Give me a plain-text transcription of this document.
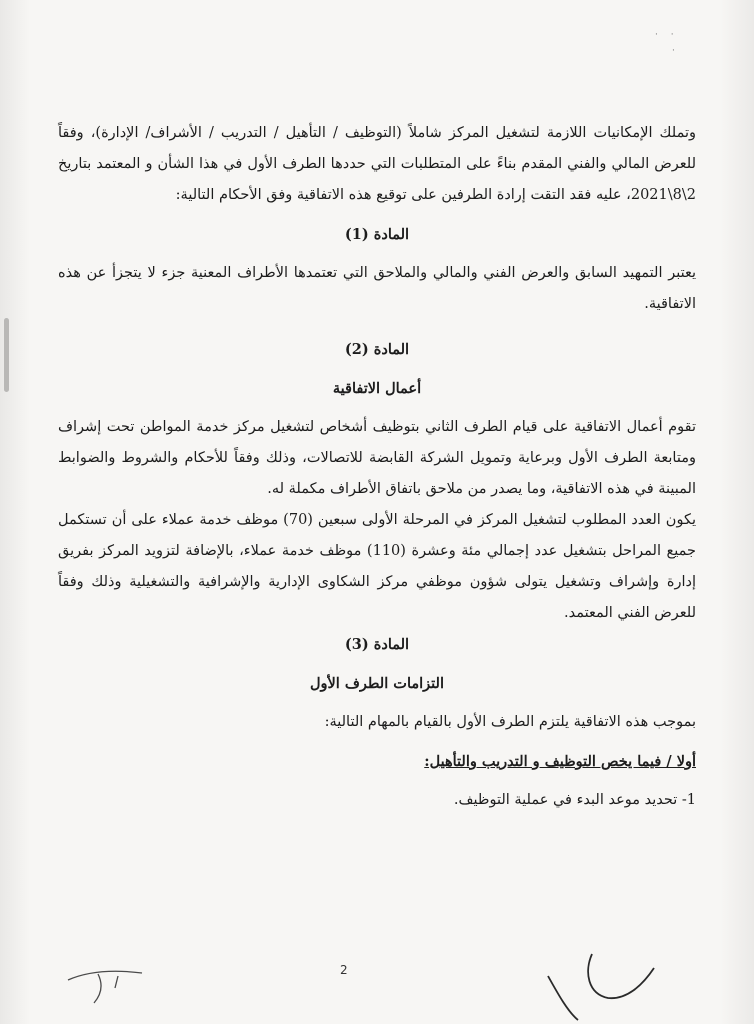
· ·
·

وتملك الإمكانيات اللازمة لتشغيل المركز شاملاً (التوظيف / التأهيل / التدريب / الأشراف/ الإدارة)، وفقاً للعرض المالي والفني المقدم بناءً على المتطلبات التي حددها الطرف الأول في هذا الشأن و المعتمد بتاريخ 2\8\2021، عليه فقد التقت إرادة الطرفين على توقيع هذه الاتفاقية وفق الأحكام التالية:

المادة (1)

يعتبر التمهيد السابق والعرض الفني والمالي والملاحق التي تعتمدها الأطراف المعنية جزء لا يتجزأ عن هذه الاتفاقية.

المادة (2)

أعمال الاتفاقية

تقوم أعمال الاتفاقية على قيام الطرف الثاني بتوظيف أشخاص لتشغيل مركز خدمة المواطن تحت إشراف ومتابعة الطرف الأول وبرعاية وتمويل الشركة القابضة للاتصالات، وذلك وفقاً للأحكام والشروط والضوابط المبينة في هذه الاتفاقية، وما يصدر من ملاحق باتفاق الأطراف مكملة له.

يكون العدد المطلوب لتشغيل المركز في المرحلة الأولى سبعين (70) موظف خدمة عملاء على أن تستكمل جميع المراحل بتشغيل عدد إجمالي مئة وعشرة (110) موظف خدمة عملاء، بالإضافة لتزويد المركز بفريق إدارة وإشراف وتشغيل يتولى شؤون موظفي مركز الشكاوى الإدارية والإشرافية والتشغيلية وذلك وفقاً للعرض الفني المعتمد.

المادة (3)

التزامات الطرف الأول

بموجب هذه الاتفاقية يلتزم الطرف الأول بالقيام بالمهام التالية:

أولا / فيما يخص التوظيف و التدريب والتأهيل:

1- تحديد موعد البدء في عملية التوظيف.

2
